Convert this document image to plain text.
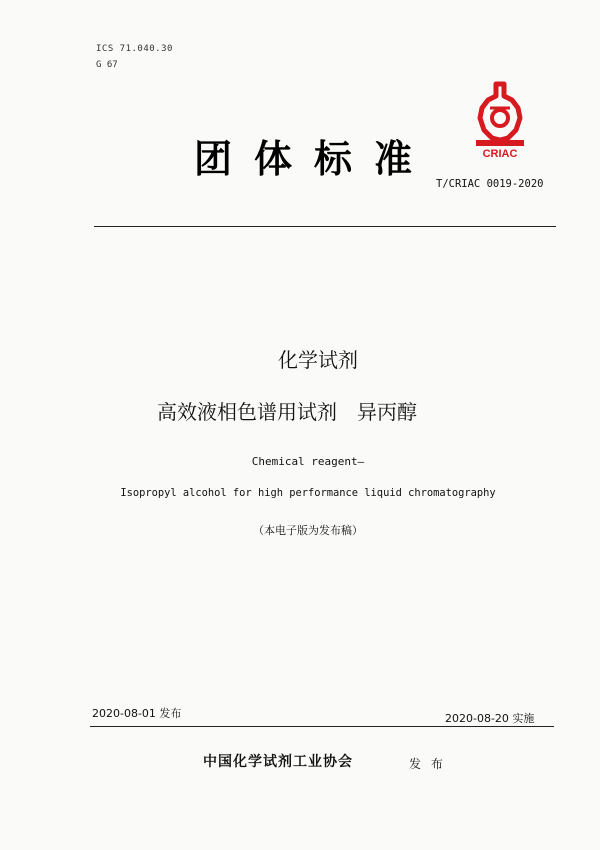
ICS 71.040.30
G 67
团体标准	CRIAC
T/CRIAC 0019-2020
化学试剂
高效液相色谱用试剂　异丙醇
Chemical reagent—
Isopropyl alcohol for high performance liquid chromatography
（本电子版为发布稿）
2020-08-01 发布	2020-08-20 实施
中国化学试剂工业协会	发 布
